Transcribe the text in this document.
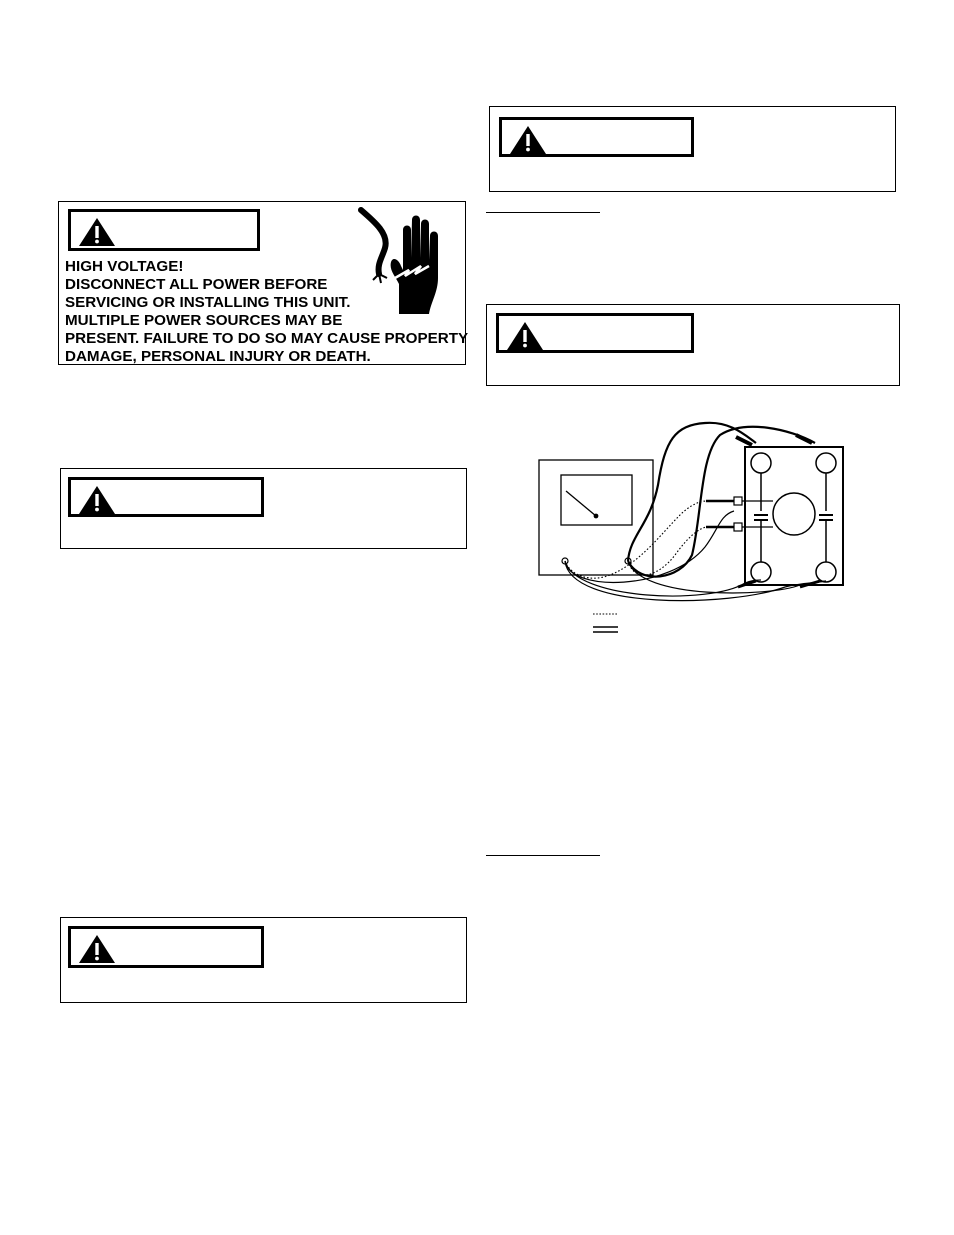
HIGH VOLTAGE!
DISCONNECT ALL POWER BEFORE
SERVICING OR INSTALLING THIS UNIT.
MULTIPLE POWER SOURCES MAY BE
PRESENT. FAILURE TO DO SO MAY CAUSE PROPERTY
DAMAGE, PERSONAL INJURY OR DEATH.
